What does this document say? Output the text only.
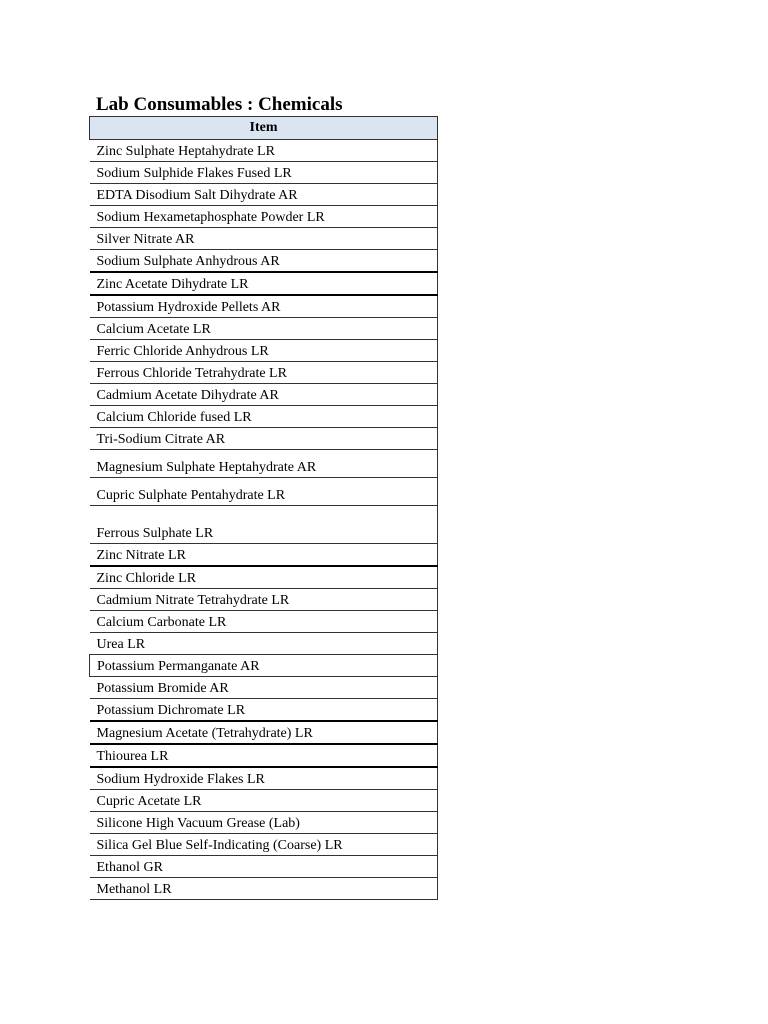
Lab Consumables : Chemicals
Item
Zinc Sulphate Heptahydrate LR
Sodium Sulphide Flakes Fused LR
EDTA Disodium Salt Dihydrate AR
Sodium Hexametaphosphate Powder LR
Silver Nitrate AR
Sodium Sulphate Anhydrous AR
Zinc Acetate Dihydrate LR
Potassium Hydroxide Pellets AR
Calcium Acetate LR
Ferric Chloride Anhydrous LR
Ferrous Chloride Tetrahydrate LR
Cadmium Acetate Dihydrate AR
Calcium Chloride fused LR
Tri-Sodium Citrate AR
Magnesium Sulphate Heptahydrate AR
Cupric Sulphate Pentahydrate LR
Ferrous Sulphate LR
Zinc Nitrate LR
Zinc Chloride LR
Cadmium Nitrate Tetrahydrate LR
Calcium Carbonate LR
Urea LR
Potassium Permanganate AR
Potassium Bromide AR
Potassium Dichromate LR
Magnesium Acetate (Tetrahydrate) LR
Thiourea LR
Sodium Hydroxide Flakes LR
Cupric Acetate LR
Silicone High Vacuum Grease (Lab)
Silica Gel Blue Self-Indicating (Coarse) LR
Ethanol GR
Methanol LR
